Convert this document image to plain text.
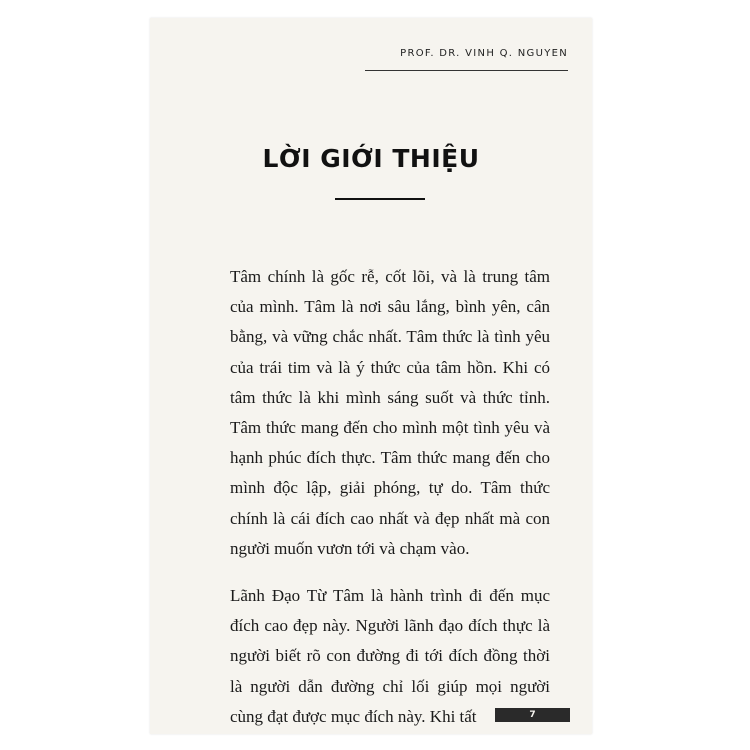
PROF. DR. VINH Q. NGUYEN
LỜI GIỚI THIỆU

Tâm chính là gốc rễ, cốt lõi, và là trung tâm của mình. Tâm là nơi sâu lắng, bình yên, cân bằng, và vững chắc nhất. Tâm thức là tình yêu của trái tim và là ý thức của tâm hồn. Khi có tâm thức là khi mình sáng suốt và thức tỉnh. Tâm thức mang đến cho mình một tình yêu và hạnh phúc đích thực. Tâm thức mang đến cho mình độc lập, giải phóng, tự do. Tâm thức chính là cái đích cao nhất và đẹp nhất mà con người muốn vươn tới và chạm vào.

Lãnh Đạo Từ Tâm là hành trình đi đến mục đích cao đẹp này. Người lãnh đạo đích thực là người biết rõ con đường đi tới đích đồng thời là người dẫn đường chỉ lối giúp mọi người cùng đạt được mục đích này. Khi tất	7
